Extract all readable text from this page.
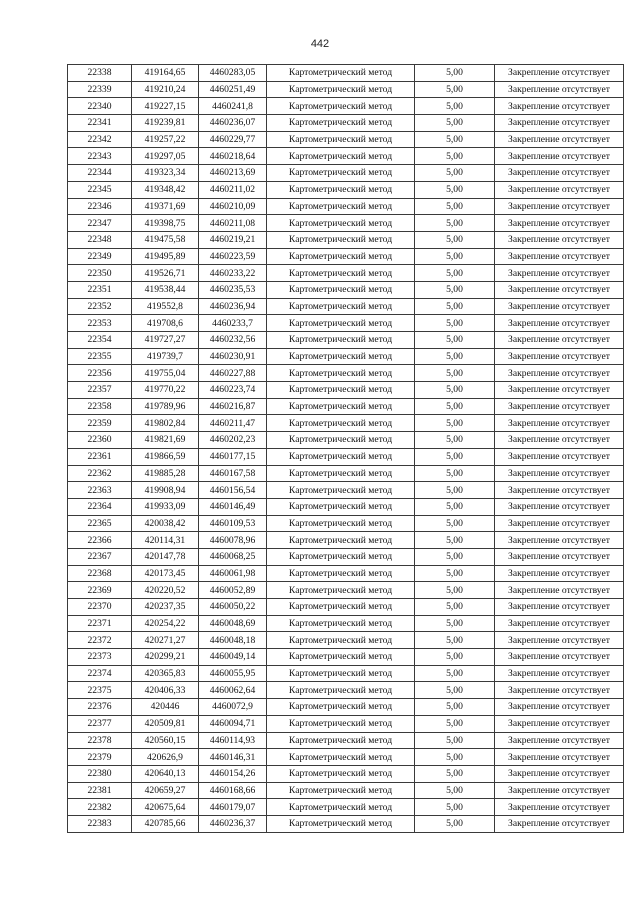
442
22338	419164,65	4460283,05	Картометрический метод	5,00	Закрепление отсутствует
22339	419210,24	4460251,49	Картометрический метод	5,00	Закрепление отсутствует
22340	419227,15	4460241,8	Картометрический метод	5,00	Закрепление отсутствует
22341	419239,81	4460236,07	Картометрический метод	5,00	Закрепление отсутствует
22342	419257,22	4460229,77	Картометрический метод	5,00	Закрепление отсутствует
22343	419297,05	4460218,64	Картометрический метод	5,00	Закрепление отсутствует
22344	419323,34	4460213,69	Картометрический метод	5,00	Закрепление отсутствует
22345	419348,42	4460211,02	Картометрический метод	5,00	Закрепление отсутствует
22346	419371,69	4460210,09	Картометрический метод	5,00	Закрепление отсутствует
22347	419398,75	4460211,08	Картометрический метод	5,00	Закрепление отсутствует
22348	419475,58	4460219,21	Картометрический метод	5,00	Закрепление отсутствует
22349	419495,89	4460223,59	Картометрический метод	5,00	Закрепление отсутствует
22350	419526,71	4460233,22	Картометрический метод	5,00	Закрепление отсутствует
22351	419538,44	4460235,53	Картометрический метод	5,00	Закрепление отсутствует
22352	419552,8	4460236,94	Картометрический метод	5,00	Закрепление отсутствует
22353	419708,6	4460233,7	Картометрический метод	5,00	Закрепление отсутствует
22354	419727,27	4460232,56	Картометрический метод	5,00	Закрепление отсутствует
22355	419739,7	4460230,91	Картометрический метод	5,00	Закрепление отсутствует
22356	419755,04	4460227,88	Картометрический метод	5,00	Закрепление отсутствует
22357	419770,22	4460223,74	Картометрический метод	5,00	Закрепление отсутствует
22358	419789,96	4460216,87	Картометрический метод	5,00	Закрепление отсутствует
22359	419802,84	4460211,47	Картометрический метод	5,00	Закрепление отсутствует
22360	419821,69	4460202,23	Картометрический метод	5,00	Закрепление отсутствует
22361	419866,59	4460177,15	Картометрический метод	5,00	Закрепление отсутствует
22362	419885,28	4460167,58	Картометрический метод	5,00	Закрепление отсутствует
22363	419908,94	4460156,54	Картометрический метод	5,00	Закрепление отсутствует
22364	419933,09	4460146,49	Картометрический метод	5,00	Закрепление отсутствует
22365	420038,42	4460109,53	Картометрический метод	5,00	Закрепление отсутствует
22366	420114,31	4460078,96	Картометрический метод	5,00	Закрепление отсутствует
22367	420147,78	4460068,25	Картометрический метод	5,00	Закрепление отсутствует
22368	420173,45	4460061,98	Картометрический метод	5,00	Закрепление отсутствует
22369	420220,52	4460052,89	Картометрический метод	5,00	Закрепление отсутствует
22370	420237,35	4460050,22	Картометрический метод	5,00	Закрепление отсутствует
22371	420254,22	4460048,69	Картометрический метод	5,00	Закрепление отсутствует
22372	420271,27	4460048,18	Картометрический метод	5,00	Закрепление отсутствует
22373	420299,21	4460049,14	Картометрический метод	5,00	Закрепление отсутствует
22374	420365,83	4460055,95	Картометрический метод	5,00	Закрепление отсутствует
22375	420406,33	4460062,64	Картометрический метод	5,00	Закрепление отсутствует
22376	420446	4460072,9	Картометрический метод	5,00	Закрепление отсутствует
22377	420509,81	4460094,71	Картометрический метод	5,00	Закрепление отсутствует
22378	420560,15	4460114,93	Картометрический метод	5,00	Закрепление отсутствует
22379	420626,9	4460146,31	Картометрический метод	5,00	Закрепление отсутствует
22380	420640,13	4460154,26	Картометрический метод	5,00	Закрепление отсутствует
22381	420659,27	4460168,66	Картометрический метод	5,00	Закрепление отсутствует
22382	420675,64	4460179,07	Картометрический метод	5,00	Закрепление отсутствует
22383	420785,66	4460236,37	Картометрический метод	5,00	Закрепление отсутствует
